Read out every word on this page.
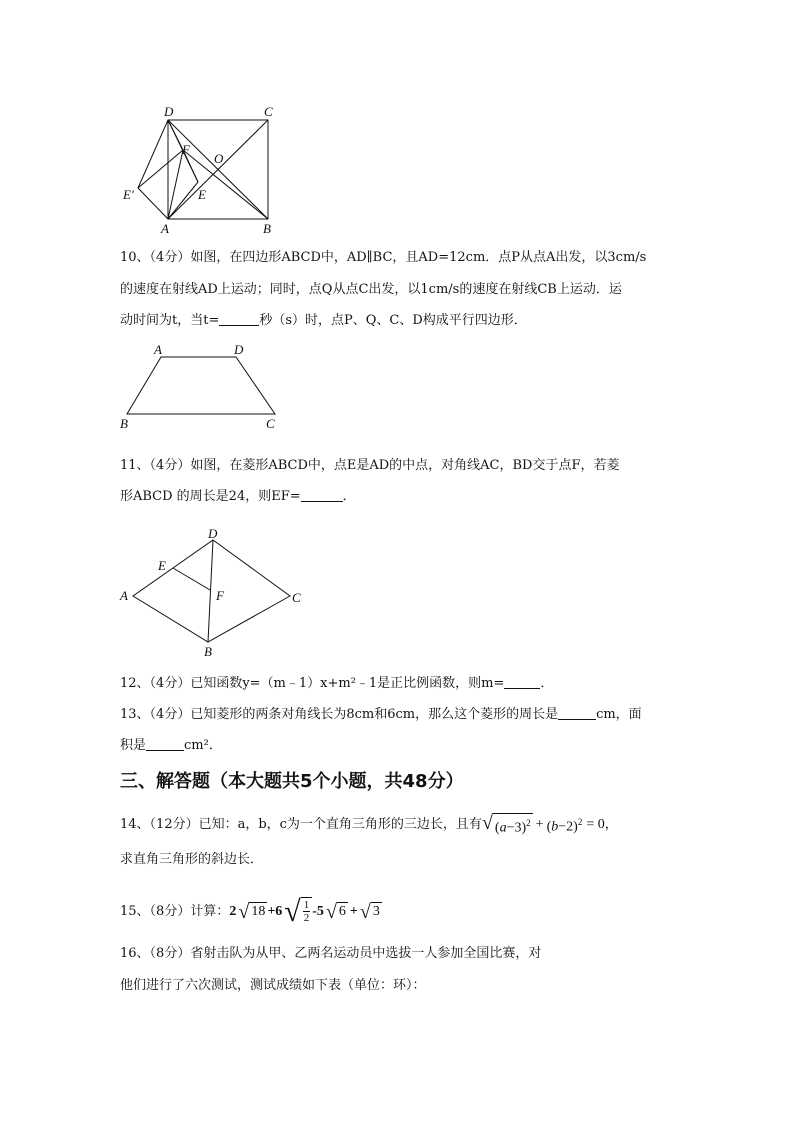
D	C
F
O
E′	E
A	B
10、（4分）如图，在四边形ABCD中，AD∥BC，且AD=12cm．点P从点A出发，以3cm/s
的速度在射线AD上运动；同时，点Q从点C出发，以1cm/s的速度在射线CB上运动．运
动时间为t，当t=	秒（s）时，点P、Q、C、D构成平行四边形．
A	D
B	C
11、（4分）如图，在菱形ABCD中，点E是AD的中点，对角线AC，BD交于点F，若菱
形ABCD 的周长是24，则EF=	．
D
E
A	F	C
B
12、（4分）已知函数y=（m﹣1）x+m²﹣1是正比例函数，则m=	．
13、（4分）已知菱形的两条对角线长为8cm和6cm，那么这个菱形的周长是	cm，面
积是	cm²．
三、解答题（本大题共5个小题，共48分）
14、（12分）已知：a，b，c为一个直角三角形的三边长，且有 √ $(a-3)^2 + (b-2)^2 = 0$ ，
求直角三角形的斜边长．
15、（8分）计算： 2 √ 18 +6 √ $\frac{1}{2} -5$ √ 6 + √ 3
16、（8分）省射击队为从甲、乙两名运动员中选拔一人参加全国比赛，对
他们进行了六次测试，测试成绩如下表（单位：环）：
